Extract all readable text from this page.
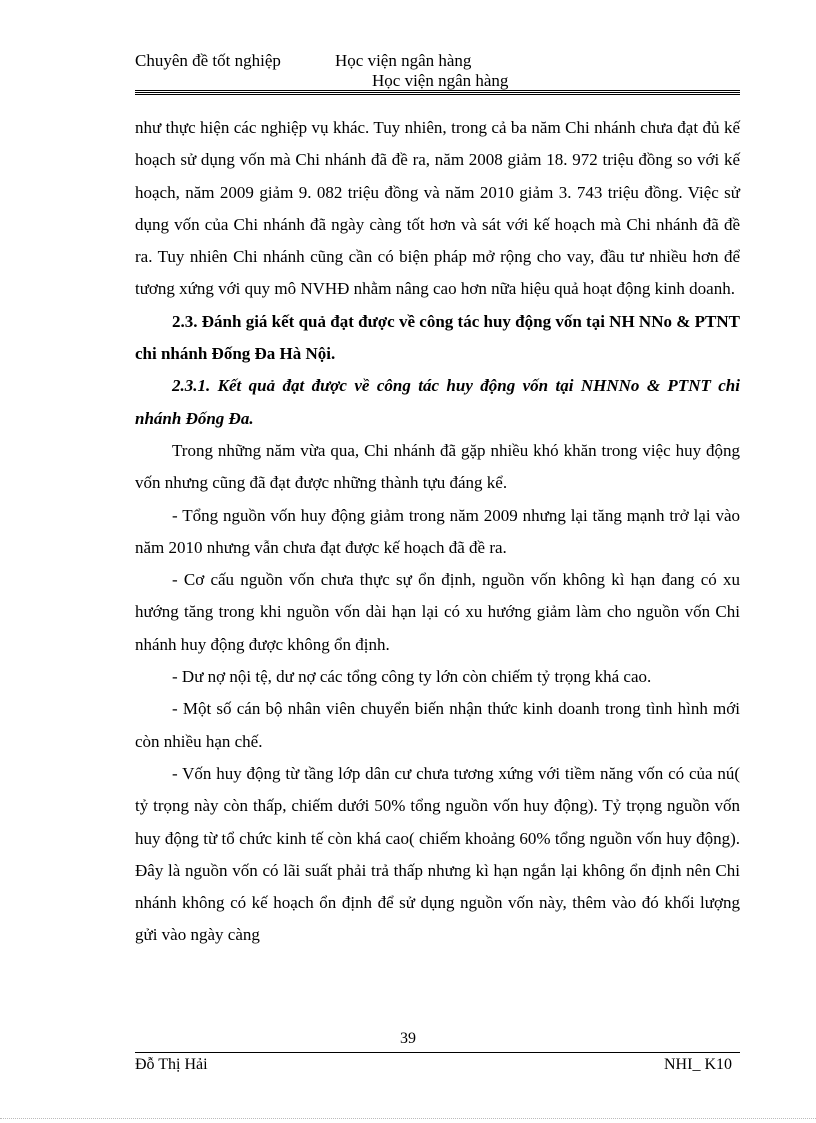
Chuyên đề tốt nghiệp	Học viện ngân hàng
Học viện ngân hàng

như thực hiện các nghiệp vụ khác. Tuy nhiên, trong cả ba năm Chi nhánh chưa đạt đủ kế hoạch sử dụng vốn mà Chi nhánh đã đề ra, năm 2008 giảm 18. 972 triệu đồng so với kế hoạch, năm 2009 giảm 9. 082 triệu đồng và năm 2010 giảm 3. 743 triệu đồng. Việc sử dụng vốn của Chi nhánh đã ngày càng tốt hơn và sát với kế hoạch mà Chi nhánh đã đề ra. Tuy nhiên Chi nhánh cũng cần có biện pháp mở rộng cho vay, đầu tư nhiều hơn để tương xứng với quy mô NVHĐ nhằm nâng cao hơn nữa hiệu quả hoạt động kinh doanh.

2.3. Đánh giá kết quả đạt được về công tác huy động vốn tại NH NNo & PTNT chi nhánh Đống Đa Hà Nội.

2.3.1. Kết quả đạt được về công tác huy động vốn tại NHNNo & PTNT chi nhánh Đống Đa.

Trong những năm vừa qua, Chi nhánh đã gặp nhiều khó khăn trong việc huy động vốn nhưng cũng đã đạt được những thành tựu đáng kể.

- Tổng nguồn vốn huy động giảm trong năm 2009 nhưng lại tăng mạnh trở lại vào năm 2010 nhưng vẫn chưa đạt được kế hoạch đã đề ra.

- Cơ cấu nguồn vốn chưa thực sự ổn định, nguồn vốn không kì hạn đang có xu hướng tăng trong khi nguồn vốn dài hạn lại có xu hướng giảm làm cho nguồn vốn Chi nhánh huy động được không ổn định.

- Dư nợ nội tệ, dư nợ các tổng công ty lớn còn chiếm tỷ trọng khá cao.

- Một số cán bộ nhân viên chuyển biến nhận thức kinh doanh trong tình hình mới còn nhiều hạn chế.

- Vốn huy động từ tầng lớp dân cư chưa tương xứng với tiềm năng vốn có của nú( tỷ trọng này còn thấp, chiếm dưới 50% tổng nguồn vốn huy động). Tỷ trọng nguồn vốn huy động từ tổ chức kinh tế còn khá cao( chiếm khoảng 60% tổng nguồn vốn huy động). Đây là nguồn vốn có lãi suất phải trả thấp nhưng kì hạn ngắn lại không ổn định nên Chi nhánh không có kế hoạch ổn định để sử dụng nguồn vốn này, thêm vào đó khối lượng gửi vào ngày càng

39
Đỗ Thị Hải	NHI_ K10
